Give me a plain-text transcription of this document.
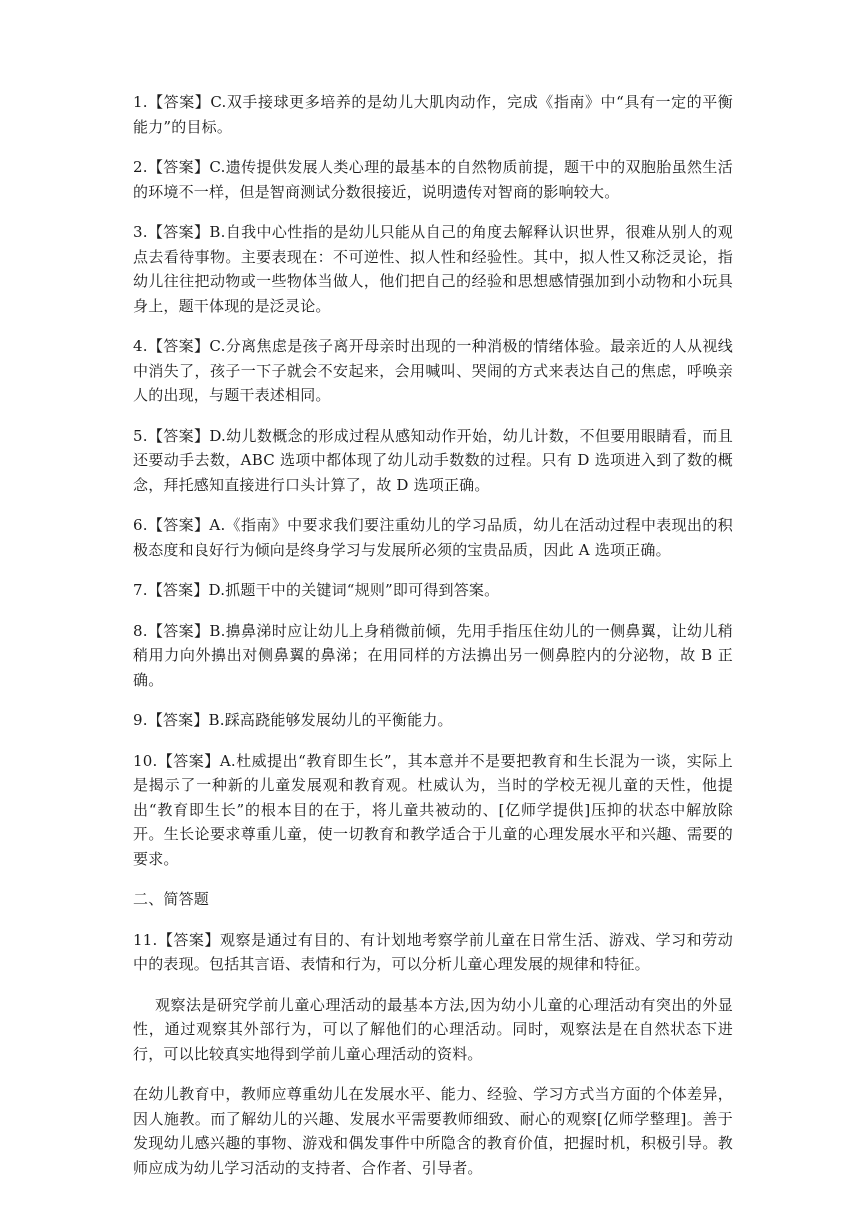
1.【答案】C.双手接球更多培养的是幼儿大肌肉动作，完成《指南》中“具有一定的平衡能力”的目标。

2.【答案】C.遗传提供发展人类心理的最基本的自然物质前提，题干中的双胞胎虽然生活的环境不一样，但是智商测试分数很接近，说明遗传对智商的影响较大。

3.【答案】B.自我中心性指的是幼儿只能从自己的角度去解释认识世界，很难从别人的观点去看待事物。主要表现在：不可逆性、拟人性和经验性。其中，拟人性又称泛灵论，指幼儿往往把动物或一些物体当做人，他们把自己的经验和思想感情强加到小动物和小玩具身上，题干体现的是泛灵论。

4.【答案】C.分离焦虑是孩子离开母亲时出现的一种消极的情绪体验。最亲近的人从视线中消失了，孩子一下子就会不安起来，会用喊叫、哭闹的方式来表达自己的焦虑，呼唤亲人的出现，与题干表述相同。

5.【答案】D.幼儿数概念的形成过程从感知动作开始，幼儿计数，不但要用眼睛看，而且还要动手去数，ABC 选项中都体现了幼儿动手数数的过程。只有 D 选项进入到了数的概念，拜托感知直接进行口头计算了，故 D 选项正确。

6.【答案】A.《指南》中要求我们要注重幼儿的学习品质，幼儿在活动过程中表现出的积极态度和良好行为倾向是终身学习与发展所必须的宝贵品质，因此 A 选项正确。

7.【答案】D.抓题干中的关键词“规则”即可得到答案。

8.【答案】B.擤鼻涕时应让幼儿上身稍微前倾，先用手指压住幼儿的一侧鼻翼，让幼儿稍稍用力向外擤出对侧鼻翼的鼻涕；在用同样的方法擤出另一侧鼻腔内的分泌物，故 B 正确。

9.【答案】B.踩高跷能够发展幼儿的平衡能力。

10.【答案】A.杜威提出“教育即生长”，其本意并不是要把教育和生长混为一谈，实际上是揭示了一种新的儿童发展观和教育观。杜威认为，当时的学校无视儿童的天性，他提出“教育即生长”的根本目的在于，将儿童共被动的、[亿师学提供]压抑的状态中解放除开。生长论要求尊重儿童，使一切教育和教学适合于儿童的心理发展水平和兴趣、需要的要求。

二、简答题

11.【答案】观察是通过有目的、有计划地考察学前儿童在日常生活、游戏、学习和劳动中的表现。包括其言语、表情和行为，可以分析儿童心理发展的规律和特征。

观察法是研究学前儿童心理活动的最基本方法,因为幼小儿童的心理活动有突出的外显性，通过观察其外部行为，可以了解他们的心理活动。同时，观察法是在自然状态下进行，可以比较真实地得到学前儿童心理活动的资料。

在幼儿教育中，教师应尊重幼儿在发展水平、能力、经验、学习方式当方面的个体差异，因人施教。而了解幼儿的兴趣、发展水平需要教师细致、耐心的观察[亿师学整理]。善于发现幼儿感兴趣的事物、游戏和偶发事件中所隐含的教育价值，把握时机，积极引导。教师应成为幼儿学习活动的支持者、合作者、引导者。
